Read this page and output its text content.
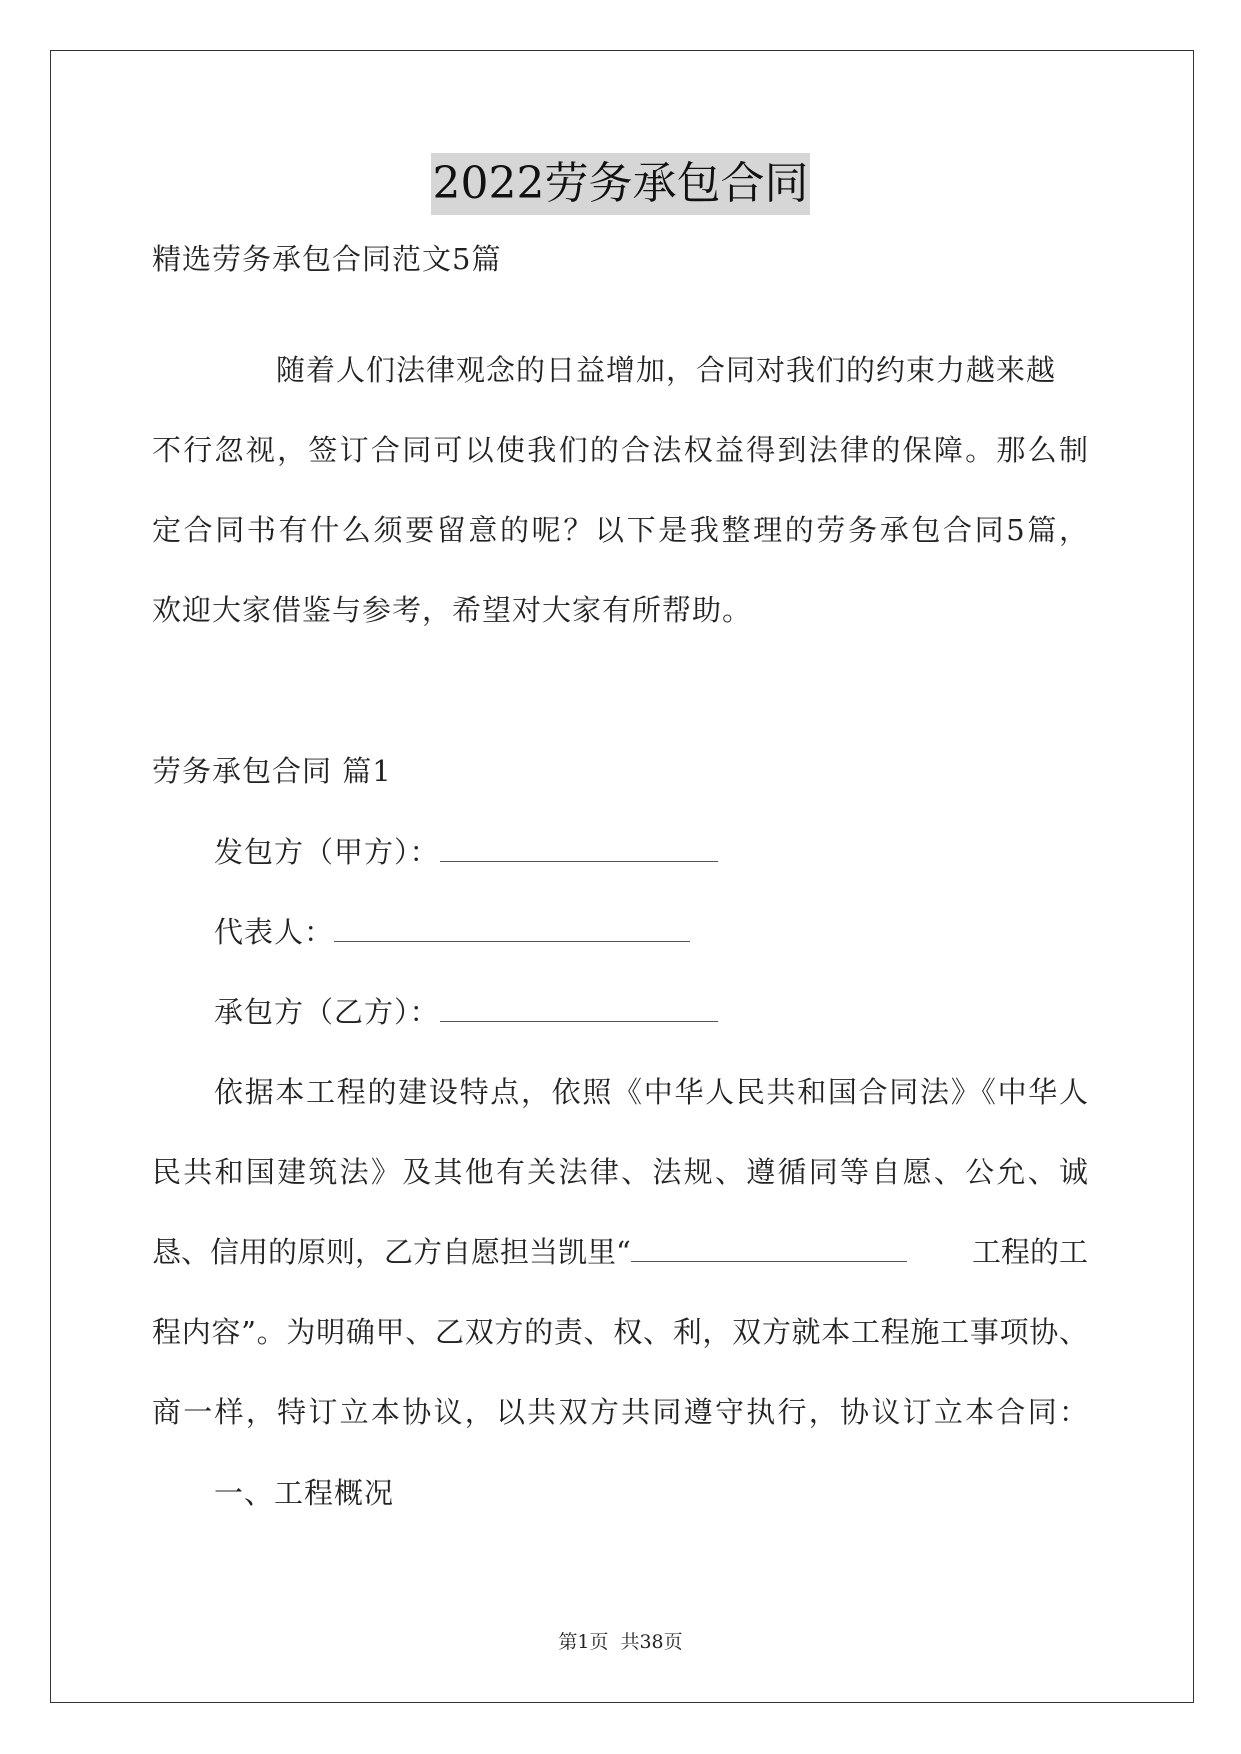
2022劳务承包合同
精选劳务承包合同范文5篇
随着人们法律观念的日益增加，合同对我们的约束力越来越
不行忽视，签订合同可以使我们的合法权益得到法律的保障。那么制
定合同书有什么须要留意的呢？以下是我整理的劳务承包合同5篇，
欢迎大家借鉴与参考，希望对大家有所帮助。
劳务承包合同 篇1
发包方（甲方）：
代表人：
承包方（乙方）：
依据本工程的建设特点，依照《中华人民共和国合同法》《中华人
民共和国建筑法》及其他有关法律、法规、遵循同等自愿、公允、诚
恳、信用的原则，乙方自愿担当凯里“	工程的工
程内容”。为明确甲、乙双方的责、权、利，双方就本工程施工事项协、
商一样，特订立本协议，以共双方共同遵守执行，协议订立本合同：
一、工程概况
第1页 共38页
